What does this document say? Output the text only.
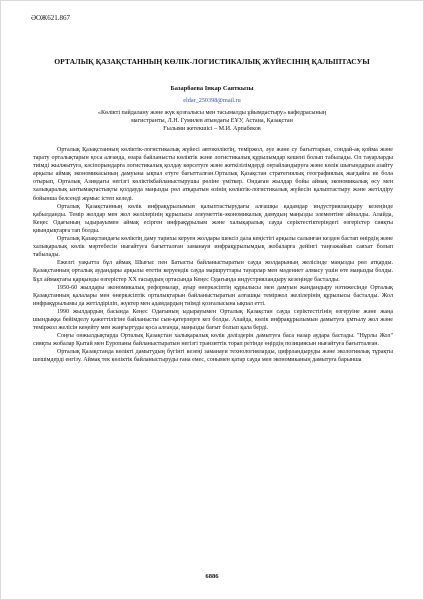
ӘОЖ621.867
ОРТАЛЫҚ ҚАЗАҚСТАННЫҢ КӨЛІК-ЛОГИСТИКАЛЫҚ ЖҮЙЕСІНІҢ ҚАЛЫПТАСУЫ
Базарбаева Інкар Саяткызы
eldar_250398@mail.ru
«Көлікті пайдалану және жүк қозғалысы мен тасымалды ұйымдастыру» кафедрасының
магистранты, Л.Н. Гумилев атындағы ЕҰУ, Астана, Қазақстан
Ғылыми жетекшісі – М.И. Арпабеков

Орталық Қазақстанның көліктік-логистикалық жүйесі автокөліктің, теміржол, әуе және су бағыттарын, сондай-ақ қойма және тарату орталықтарын қоса алғанда, өзара байланысты көліктік және логистикалық құрылымдар кешені болып табылады. Ол тауарларды тиімді жылжытуға, кәсіпорындарға логистикалық қолдау көрсетуге және жеткізілімдерді оңтайландыруға және көлік шығындарын азайту арқылы аймақ экономикасының дамуына ықпал етуге бағытталған.Орталық Қазақстан стратегиялық географиялық жағдайға ие бола отырып, Орталық Азиядағы негізгі көліктікбайланыстырушы рөліне үміткер. Ондаған жылдар бойы аймақ экономикалық өсу мен халықаралық ынтымақтастықты қолдауда маңызды рөл атқаратын өзінің көліктік-логистикалық жүйесін қалыптастыру және жетілдіру бойынша белсенді жұмыс істеп келеді.

Орталық Қазақстанның көлік инфрақұрылымын қалыптастырудағы алғашқы қадамдар индустрияландыру кезеңінде қабылданды. Темір жолдар мен жол желілерінің құрылысы әлеуметтік-экономикалық дамудың маңызды элементіне айналды. Алайда, Кеңес Одағының ыдырауымен аймақ есірген инфрақұрылым және халықаралық сауда серіктестіктеріндегі өзгерістер сияқты қиындықтарға тап болды.

Орталық Қазақстандағы көліктің даму тарихы керуен жолдары шексіз дала кеңістігі арқылы салынған кезден бастап өнірдің және халықаралық көлік мәртебесін нығайтуға бағытталған заманауи инфрақұрылымдық жобаларға дейінгі таңғажайып саяхат болып табылады.

Ежелгі уақытта бұл аймақ Шығыс пен Батысты байланыстыратын сауда жолдарының желісінде маңызды рөл атқарды. Қазақстанның орталық аудандары арқылы өтетін керуендік сауда маршруттары тауарлар мен мәдениет алмасу үшін өте маңызды болды. Бұл аймақтағы қарқынды өзгерістер ХХ ғасырдың ортасында Кеңес Одағында индустрияландыру кезеңінде басталды.

1950-60 жылдары экономикалық реформалар, ауыр өнеркәсіптің құрылысы мен дамуын жандандыру нәтижесінде Орталық Қазақстанның қалалары мен өнеркәсіптік орталықтарын байланыстыратын алғашқы теміржол желілерінің құрылысы басталды. Жол инфрақұрылымы да жетілдіріліп, жүктер мен адамдардың тиімді қозғалысына ықпал етті.

1990 жылдардың басында Кеңес Одағының ыдырауымен Орталық Қазақстан сауда серіктестігінің өзгеруіне және жаңа шындыққа бейімделу қажеттілігіне байланысты сын-қатерлерге кез болды. Алайда, көлік инфрақұрылымын дамытуға ұмтылу жол және теміржол желісін кеңейту мен жаңғыртуды қоса алғанда, маңызды бағыт болып қала берді.

Соңғы онжылдықтарда Орталық Қазақстан халықаралық көлік дәліздерін дамытуға баса назар аудара бастады. "Нұрлы Жол" сияқты жобалар Қытай мен Еуропаны байланыстыратын негізгі транзиттік торап ретінде өңірдің позициясын нығайтуға бағытталған.

Орталық Қазақстанда көлікті дамытудың бүгінгі кезеңі заманауи технологияларды, цифрландыруды және экологиялық тұрақты шешімдерді енгізу. Аймақ тек көліктік байланыстыруды ғана емес, сонымен қатар сауда мен экономиканың дамытуға барынша

6886
